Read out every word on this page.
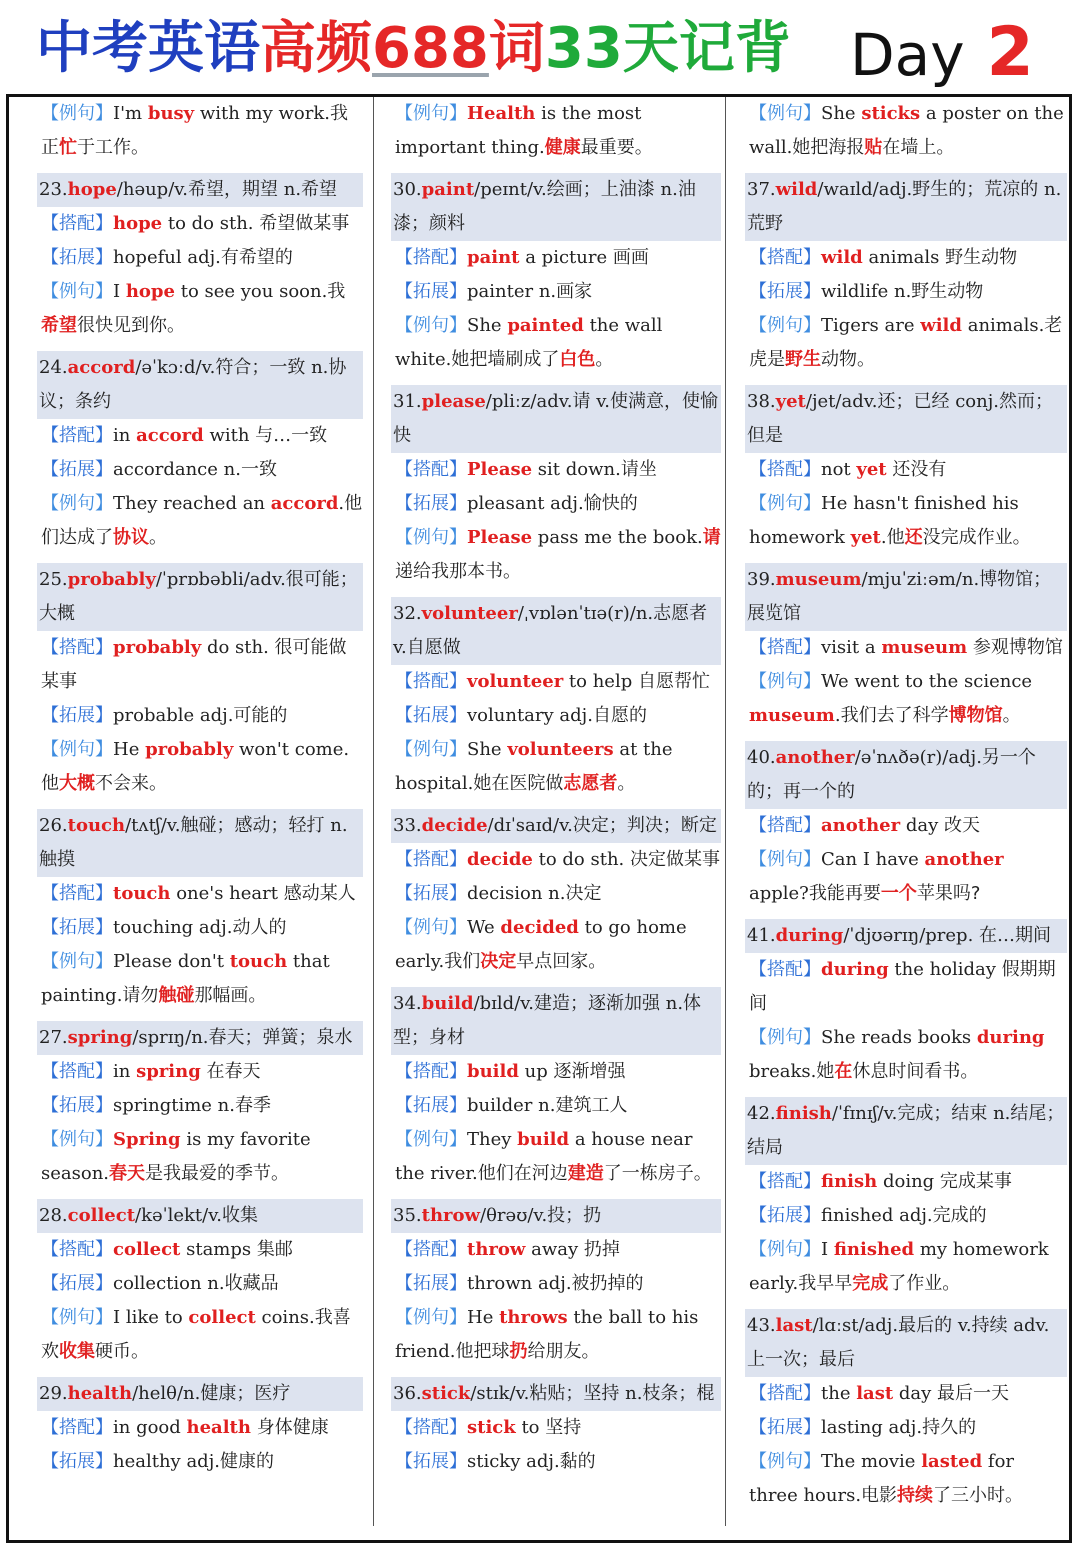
中考英语高频688词33天记背 Day 2
【例句】I'm busy with my work.我正忙于工作。
23.hope/həup/v.希望，期望 n.希望
【搭配】hope to do sth. 希望做某事
【拓展】hopeful adj.有希望的
【例句】I hope to see you soon.我希望很快见到你。
24.accord/əˈkɔːd/v.符合；一致 n.协议；条约
【搭配】in accord with 与…一致
【拓展】accordance n.一致
【例句】They reached an accord.他们达成了协议。
25.probably/ˈprɒbəbli/adv.很可能；大概
【搭配】probably do sth. 很可能做某事
【拓展】probable adj.可能的
【例句】He probably won't come.他大概不会来。
26.touch/tʌtʃ/v.触碰；感动；轻打 n.触摸
【搭配】touch one's heart 感动某人
【拓展】touching adj.动人的
【例句】Please don't touch that painting.请勿触碰那幅画。
27.spring/sprɪŋ/n.春天；弹簧；泉水
【搭配】in spring 在春天
【拓展】springtime n.春季
【例句】Spring is my favorite season.春天是我最爱的季节。
28.collect/kəˈlekt/v.收集
【搭配】collect stamps 集邮
【拓展】collection n.收藏品
【例句】I like to collect coins.我喜欢收集硬币。
29.health/helθ/n.健康；医疗
【搭配】in good health 身体健康
【拓展】healthy adj.健康的
【例句】Health is the most important thing.健康最重要。
30.paint/peɪnt/v.绘画；上油漆 n.油漆；颜料
【搭配】paint a picture 画画
【拓展】painter n.画家
【例句】She painted the wall white.她把墙刷成了白色。
31.please/pliːz/adv.请 v.使满意，使愉快
【搭配】Please sit down.请坐
【拓展】pleasant adj.愉快的
【例句】Please pass me the book.请递给我那本书。
32.volunteer/ˌvɒlənˈtɪə(r)/n.志愿者 v.自愿做
【搭配】volunteer to help 自愿帮忙
【拓展】voluntary adj.自愿的
【例句】She volunteers at the hospital.她在医院做志愿者。
33.decide/dɪˈsaɪd/v.决定；判决；断定
【搭配】decide to do sth. 决定做某事
【拓展】decision n.决定
【例句】We decided to go home early.我们决定早点回家。
34.build/bɪld/v.建造；逐渐加强 n.体型；身材
【搭配】build up 逐渐增强
【拓展】builder n.建筑工人
【例句】They build a house near the river.他们在河边建造了一栋房子。
35.throw/θrəʊ/v.投；扔
【搭配】throw away 扔掉
【拓展】thrown adj.被扔掉的
【例句】He throws the ball to his friend.他把球扔给朋友。
36.stick/stɪk/v.粘贴；坚持 n.枝条；棍
【搭配】stick to 坚持
【拓展】sticky adj.黏的
【例句】She sticks a poster on the wall.她把海报贴在墙上。
37.wild/waɪld/adj.野生的；荒凉的 n.荒野
【搭配】wild animals 野生动物
【拓展】wildlife n.野生动物
【例句】Tigers are wild animals.老虎是野生动物。
38.yet/jet/adv.还；已经 conj.然而；但是
【搭配】not yet 还没有
【例句】He hasn't finished his homework yet.他还没完成作业。
39.museum/mjuˈziːəm/n.博物馆；展览馆
【搭配】visit a museum 参观博物馆
【例句】We went to the science museum.我们去了科学博物馆。
40.another/əˈnʌðə(r)/adj.另一个的；再一个的
【搭配】another day 改天
【例句】Can I have another apple?我能再要一个苹果吗?
41.during/ˈdjʊərɪŋ/prep. 在…期间
【搭配】during the holiday 假期期间
【例句】She reads books during breaks.她在休息时间看书。
42.finish/ˈfɪnɪʃ/v.完成；结束 n.结尾；结局
【搭配】finish doing 完成某事
【拓展】finished adj.完成的
【例句】I finished my homework early.我早早完成了作业。
43.last/lɑːst/adj.最后的 v.持续 adv.上一次；最后
【搭配】the last day 最后一天
【拓展】lasting adj.持久的
【例句】The movie lasted for three hours.电影持续了三小时。
